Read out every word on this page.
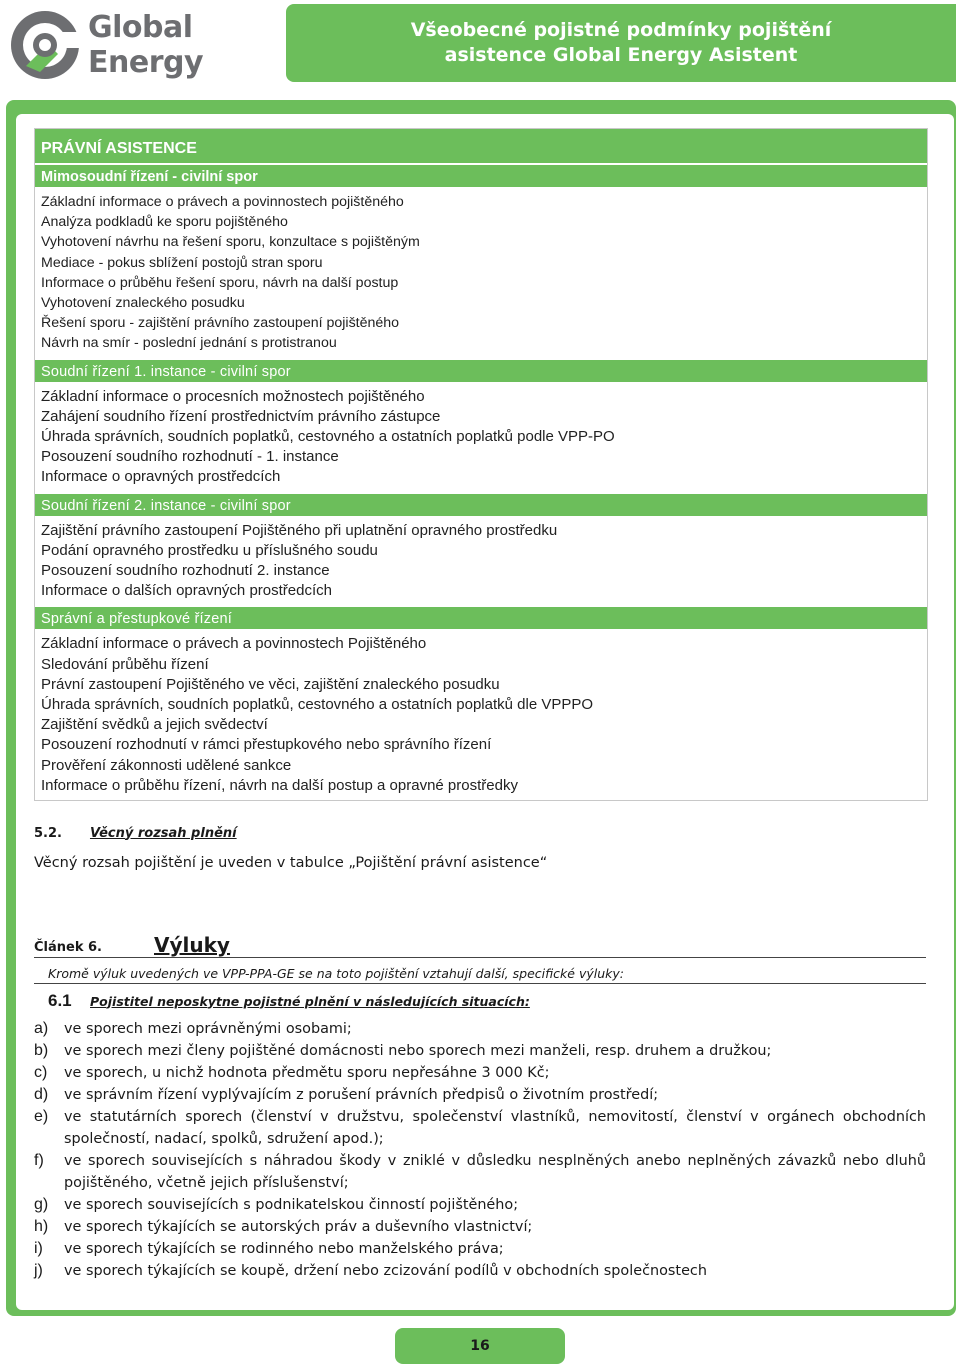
Global Energy
Všeobecné pojistné podmínky pojištění
asistence Global Energy Asistent
PRÁVNÍ ASISTENCE
Mimosoudní řízení - civilní spor
Základní informace o právech a povinnostech pojištěného
Analýza podkladů ke sporu pojištěného
Vyhotovení návrhu na řešení sporu, konzultace s pojištěným
Mediace - pokus sblížení postojů stran sporu
Informace o průběhu řešení sporu, návrh na další postup
Vyhotovení znaleckého posudku
Řešení sporu - zajištění právního zastoupení pojištěného
Návrh na smír - poslední jednání s protistranou
Soudní řízení 1. instance - civilní spor
Základní informace o procesních možnostech pojištěného
Zahájení soudního řízení prostřednictvím právního zástupce
Úhrada správních, soudních poplatků, cestovného a ostatních poplatků podle VPP-PO
Posouzení soudního rozhodnutí - 1. instance
Informace o opravných prostředcích
Soudní řízení 2. instance - civilní spor
Zajištění právního zastoupení Pojištěného při uplatnění opravného prostředku
Podání opravného prostředku u příslušného soudu
Posouzení soudního rozhodnutí 2. instance
Informace o dalších opravných prostředcích
Správní a přestupkové řízení
Základní informace o právech a povinnostech Pojištěného
Sledování průběhu řízení
Právní zastoupení Pojištěného ve věci, zajištění znaleckého posudku
Úhrada správních, soudních poplatků, cestovného a ostatních poplatků dle VPPPO
Zajištění svědků a jejich svědectví
Posouzení rozhodnutí v rámci přestupkového nebo správního řízení
Prověření zákonnosti udělené sankce
Informace o průběhu řízení, návrh na další postup a opravné prostředky
5.2. Věcný rozsah plnění
Věcný rozsah pojištění je uveden v tabulce „Pojištění právní asistence“
Článek 6.	Výluky
Kromě výluk uvedených ve VPP-PPA-GE se na toto pojištění vztahují další, specifické výluky:
6.1	Pojistitel neposkytne pojistné plnění v následujících situacích:
a)	ve sporech mezi oprávněnými osobami;
b)	ve sporech mezi členy pojištěné domácnosti nebo sporech mezi manželi, resp. druhem a družkou;
c)	ve sporech, u nichž hodnota předmětu sporu nepřesáhne 3 000 Kč;
d)	ve správním řízení vyplývajícím z porušení právních předpisů o životním prostředí;
e)	ve statutárních sporech (členství v družstvu, společenství vlastníků, nemovitostí, členství v orgánech obchodních společností, nadací, spolků, sdružení apod.);
f)	ve sporech souvisejících s náhradou škody v zniklé v důsledku nesplněných anebo neplněných závazků nebo dluhů pojištěného, včetně jejich příslušenství;
g)	ve sporech souvisejících s podnikatelskou činností pojištěného;
h)	ve sporech týkajících se autorských práv a duševního vlastnictví;
i)	ve sporech týkajících se rodinného nebo manželského práva;
j)	ve sporech týkajících se koupě, držení nebo zcizování podílů v obchodních společnostech
16
